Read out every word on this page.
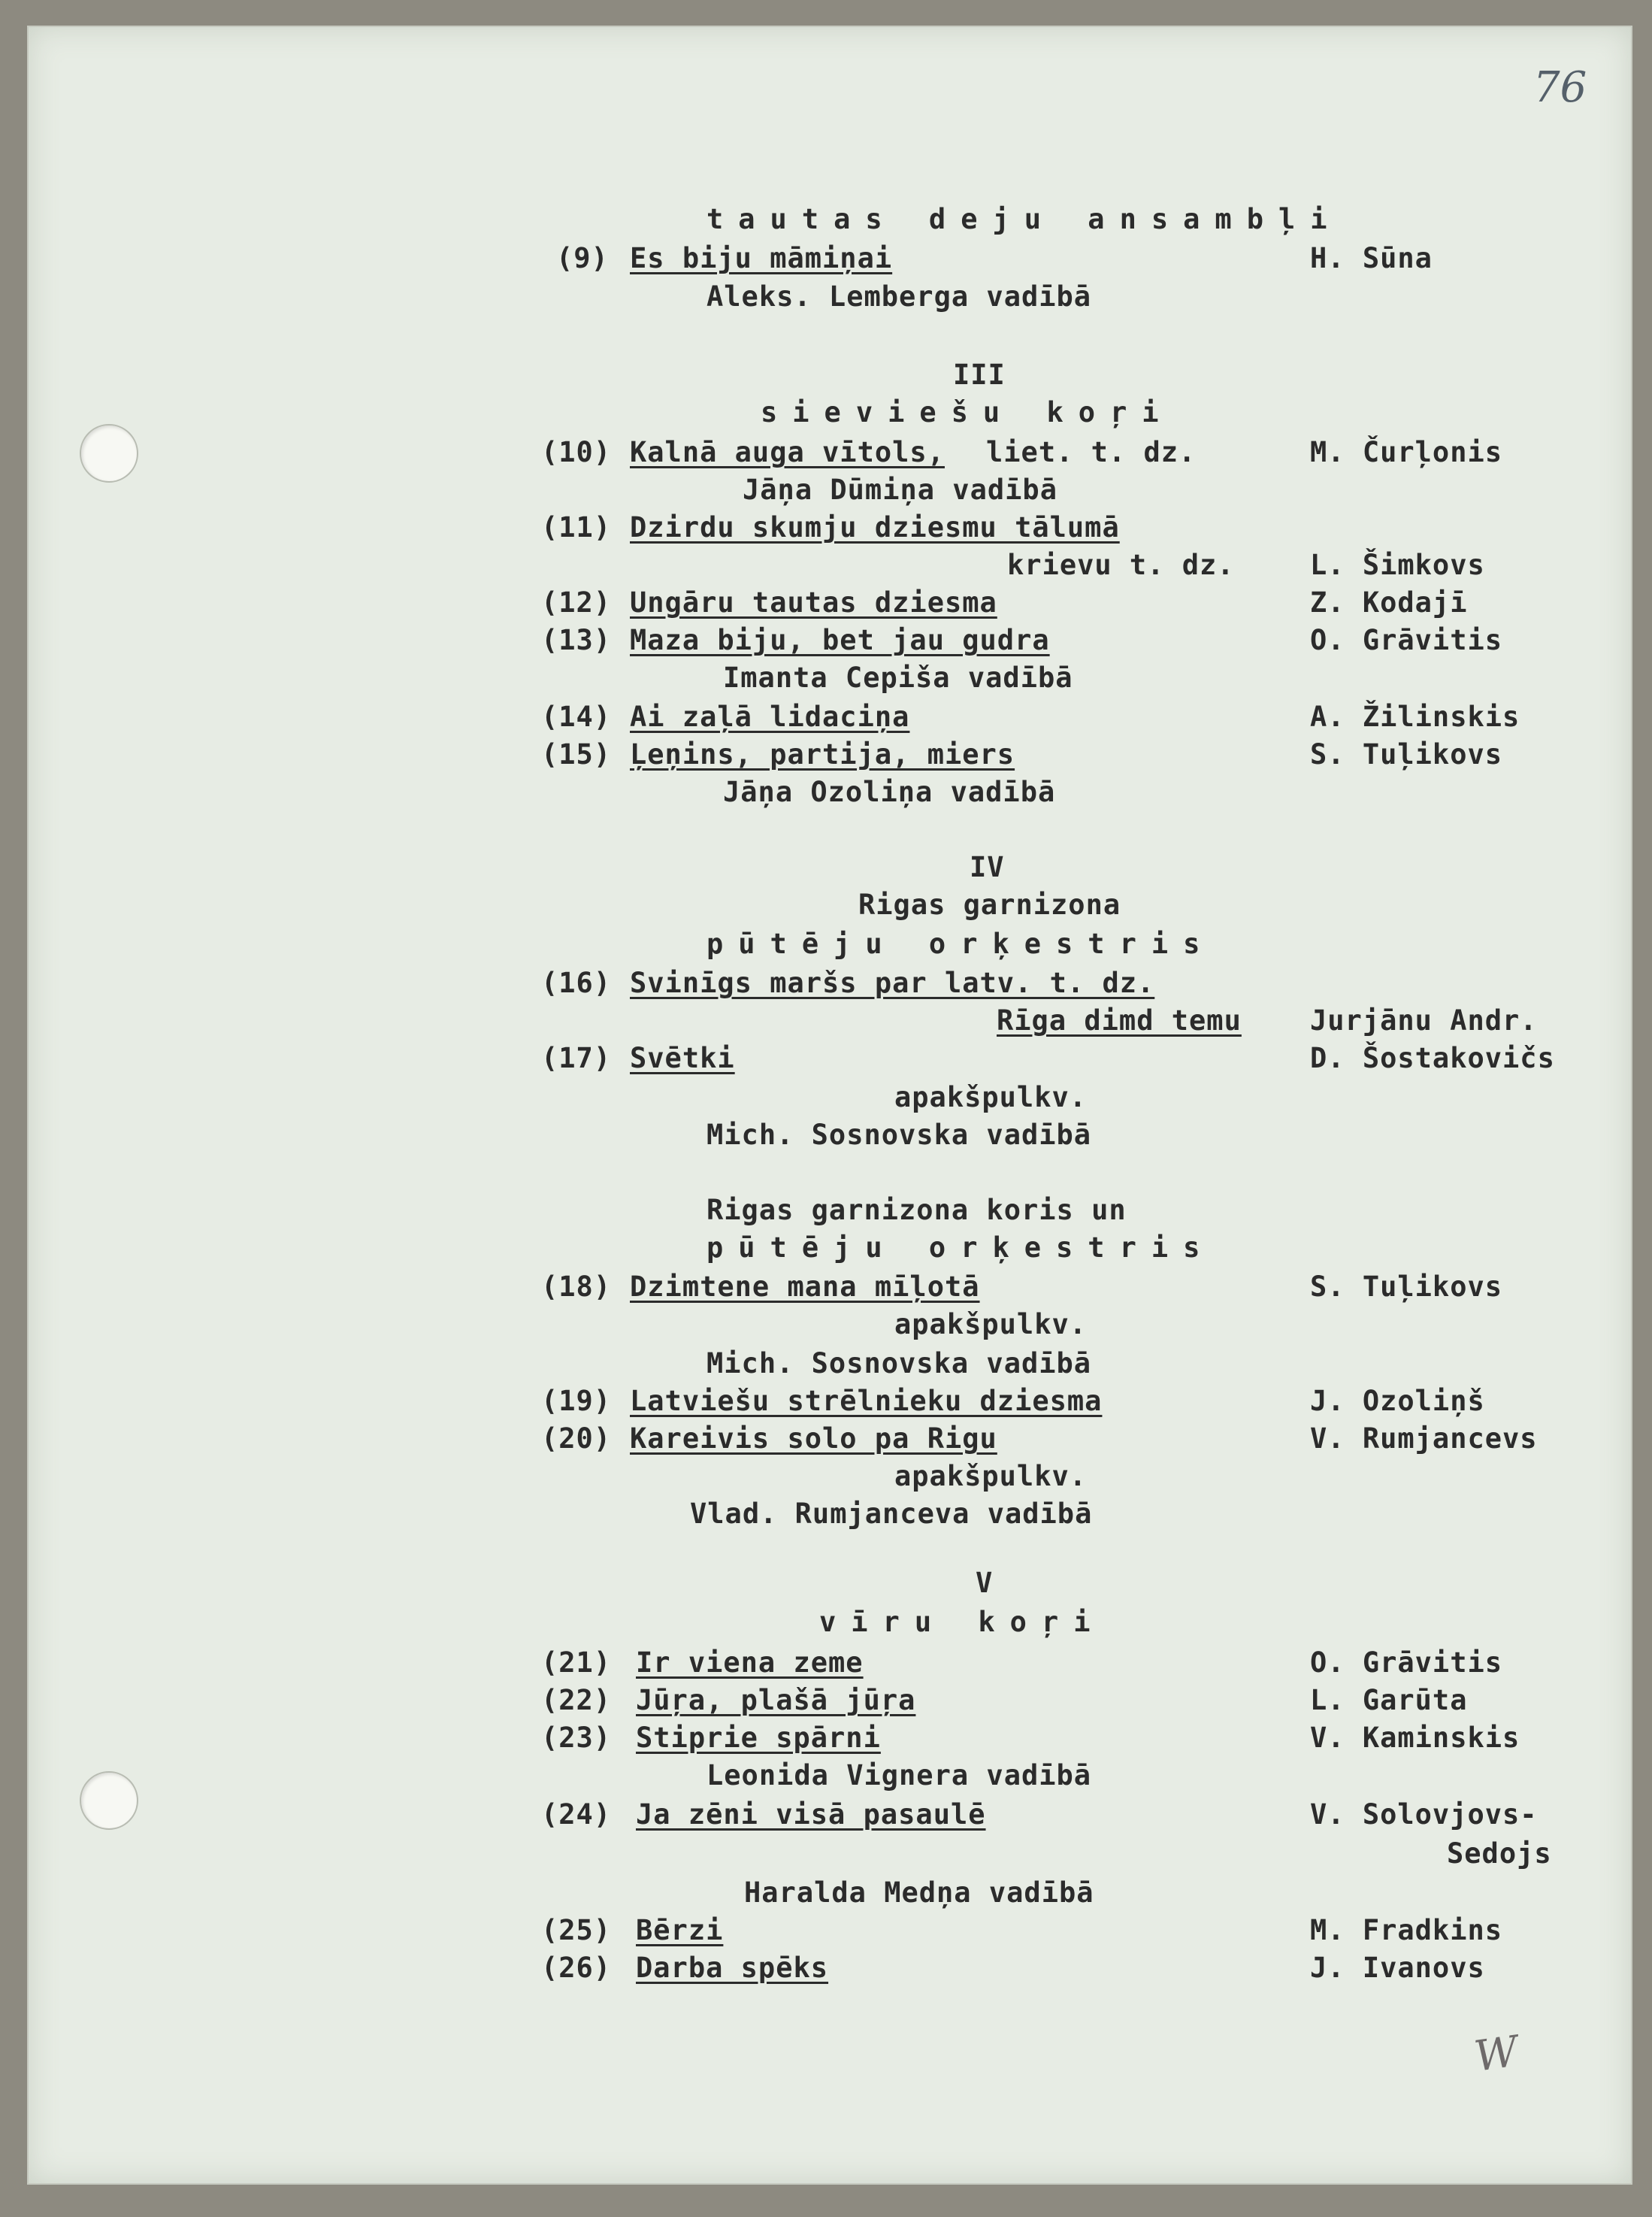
76
tautas deju ansambļi
(9) Es biju māmiņai	H. Sūna
Aleks. Lemberga vadībā
III
sieviešu koŗi
(10) Kalnā auga vītols, liet. t. dz.	M. Čurļonis
Jāņa Dūmiņa vadībā
(11) Dzirdu skumju dziesmu tālumā
krievu t. dz.	L. Šimkovs
(12) Ungāru tautas dziesma	Z. Kodajī
(13) Maza biju, bet jau gudra	O. Grāvitis
Imanta Cepiša vadībā
(14) Ai zaļā lidaciņa	A. Žilinskis
(15) Ļeņins, partija, miers	S. Tuļikovs
Jāņa Ozoliņa vadībā
IV
Rigas garnizona
pūtēju orķestris
(16) Svinīgs maršs par latv. t. dz.
Rīga dimd temu Jurjānu Andr.
(17) Svētki	D. Šostakovičs
apakšpulkv.
Mich. Sosnovska vadībā
Rigas garnizona koris un
pūtēju orķestris
(18) Dzimtene mana mīļotā	S. Tuļikovs
apakšpulkv.
Mich. Sosnovska vadībā
(19) Latviešu strēlnieku dziesma	J. Ozoliņš
(20) Kareivis solo pa Rigu	V. Rumjancevs
apakšpulkv.
Vlad. Rumjanceva vadībā
V
vīru koŗi
(21) Ir viena zeme	O. Grāvitis
(22) Jūŗa, plašā jūŗa	L. Garūta
(23) Stiprie spārni	V. Kaminskis
Leonida Vignera vadībā
(24) Ja zēni visā pasaulē	V. Solovjovs-
Sedojs
Haralda Medņa vadībā
(25) Bērzi	M. Fradkins
(26) Darba spēks	J. Ivanovs
W
